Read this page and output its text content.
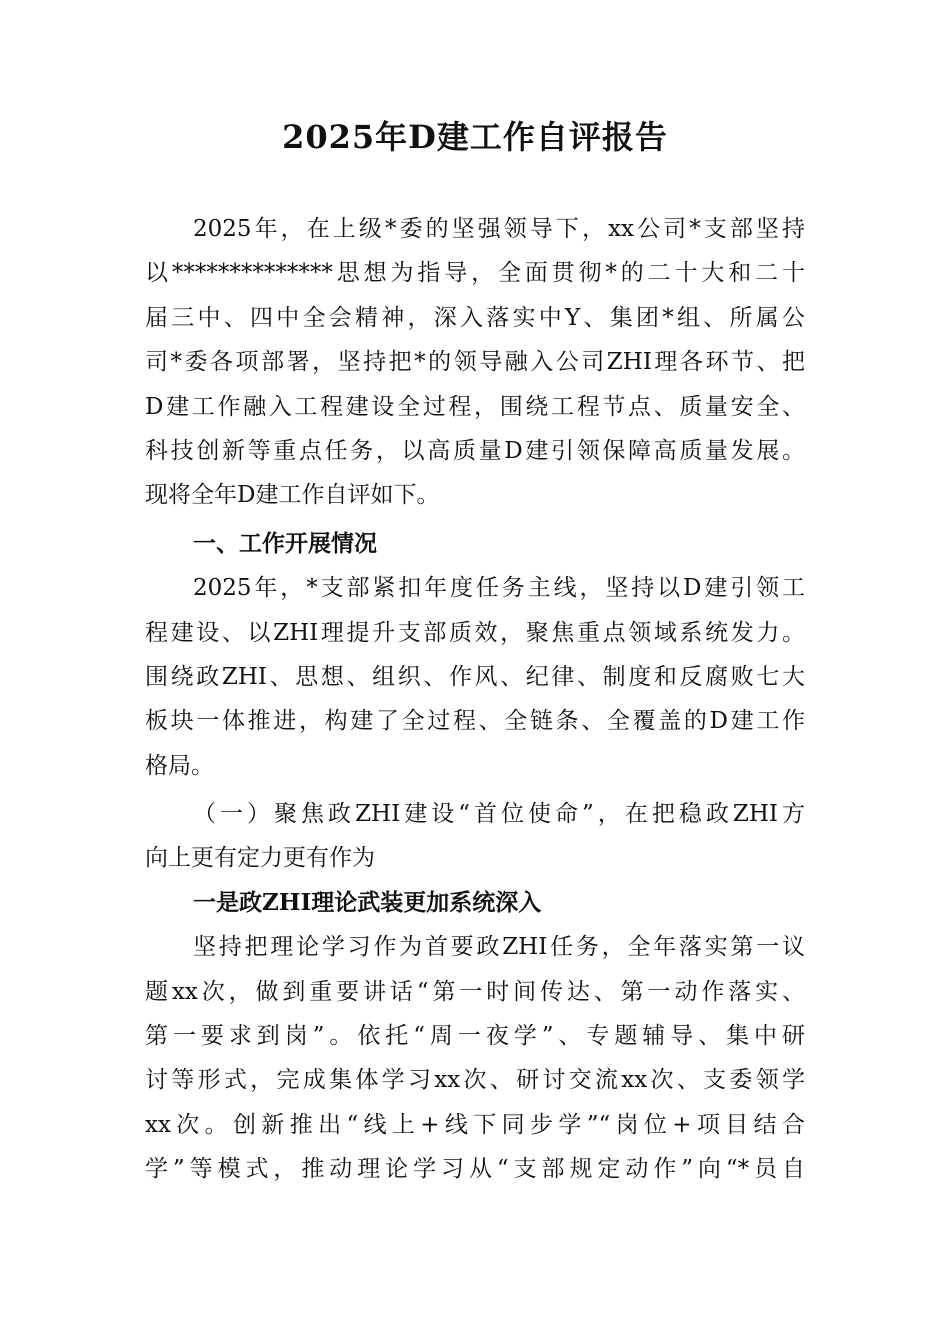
2025年D建工作自评报告
2025年，在上级*委的坚强领导下，xx公司*支部坚持
以**************思想为指导，全面贯彻*的二十大和二十
届三中、四中全会精神，深入落实中Y、集团*组、所属公
司*委各项部署，坚持把*的领导融入公司ZHI理各环节、把
D建工作融入工程建设全过程，围绕工程节点、质量安全、
科技创新等重点任务，以高质量D建引领保障高质量发展。
现将全年D建工作自评如下。
一、工作开展情况
2025年，*支部紧扣年度任务主线，坚持以D建引领工
程建设、以ZHI理提升支部质效，聚焦重点领域系统发力。
围绕政ZHI、思想、组织、作风、纪律、制度和反腐败七大
板块一体推进，构建了全过程、全链条、全覆盖的D建工作
格局。
（一）聚焦政ZHI建设“首位使命”，在把稳政ZHI方
向上更有定力更有作为
一是政ZHI理论武装更加系统深入
坚持把理论学习作为首要政ZHI任务，全年落实第一议
题xx次，做到重要讲话“第一时间传达、第一动作落实、
第一要求到岗”。依托“周一夜学”、专题辅导、集中研
讨等形式，完成集体学习xx次、研讨交流xx次、支委领学
xx次。创新推出“线上+线下同步学”“岗位+项目结合
学”等模式，推动理论学习从“支部规定动作”向“*员自
